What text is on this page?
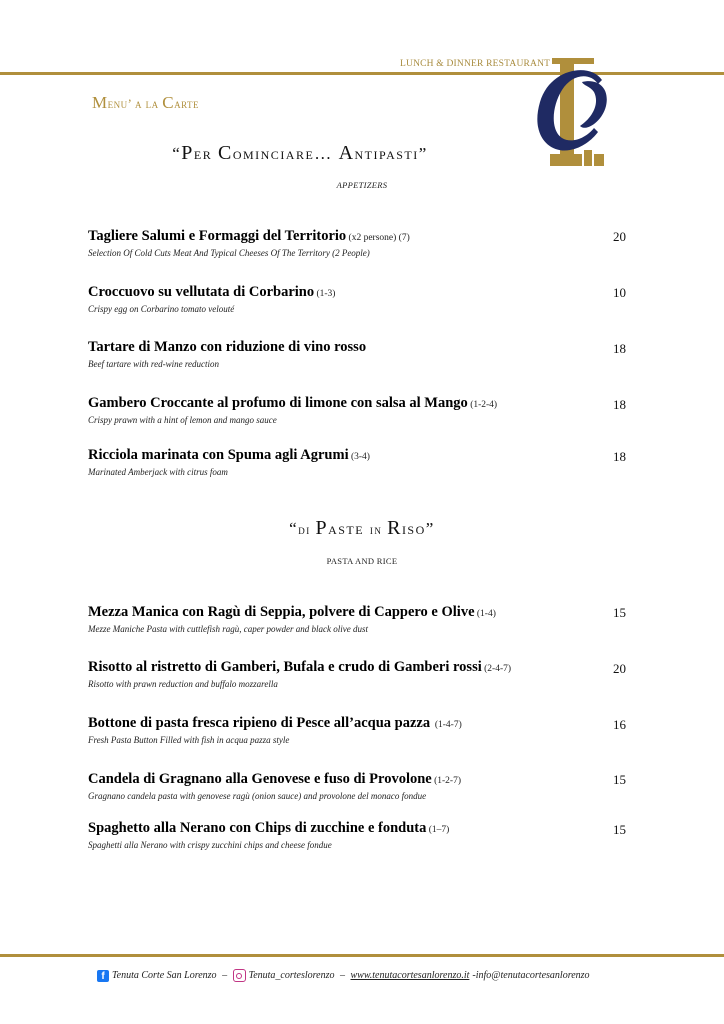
LUNCH & DINNER RESTAURANT
Menu’ a la Carte
“Per Cominciare… Antipasti”
APPETIZERS
Tagliere Salumi e Formaggi del Territorio (x2 persone) (7)
Selection Of Cold Cuts Meat And Typical Cheeses Of The Territory (2 People)
20
Croccuovo su vellutata di Corbarino (1-3)
Crispy egg on Corbarino tomato velouté
10
Tartare di Manzo con riduzione di vino rosso
Beef tartare with red-wine reduction
18
Gambero Croccante al profumo di limone con salsa al Mango (1-2-4)
Crispy prawn with a hint of lemon and mango sauce
18
Ricciola marinata con Spuma agli Agrumi (3-4)
Marinated Amberjack with citrus foam
18
“di Paste in Riso”
PASTA AND RICE
Mezza Manica con Ragù di Seppia, polvere di Cappero e Olive (1-4)
Mezze Maniche Pasta with cuttlefish ragù, caper powder and black olive dust
15
Risotto al ristretto di Gamberi, Bufala e crudo di Gamberi rossi (2-4-7)
Risotto with prawn reduction and buffalo mozzarella
20
Bottone di pasta fresca ripieno di Pesce all’acqua pazza  (1-4-7)
Fresh Pasta Button Filled with fish in acqua pazza style
16
Candela di Gragnano alla Genovese e fuso di Provolone (1-2-7)
Gragnano candela pasta with genovese ragù (onion sauce) and provolone del monaco fondue
15
Spaghetto alla Nerano con Chips di zucchine e fonduta (1–7)
Spaghetti alla Nerano with crispy zucchini chips and cheese fondue
15
f Tenuta Corte San Lorenzo – Tenuta_corteslorenzo – www.tenutacortesanlorenzo.it -info@tenutacortesanlorenzo
